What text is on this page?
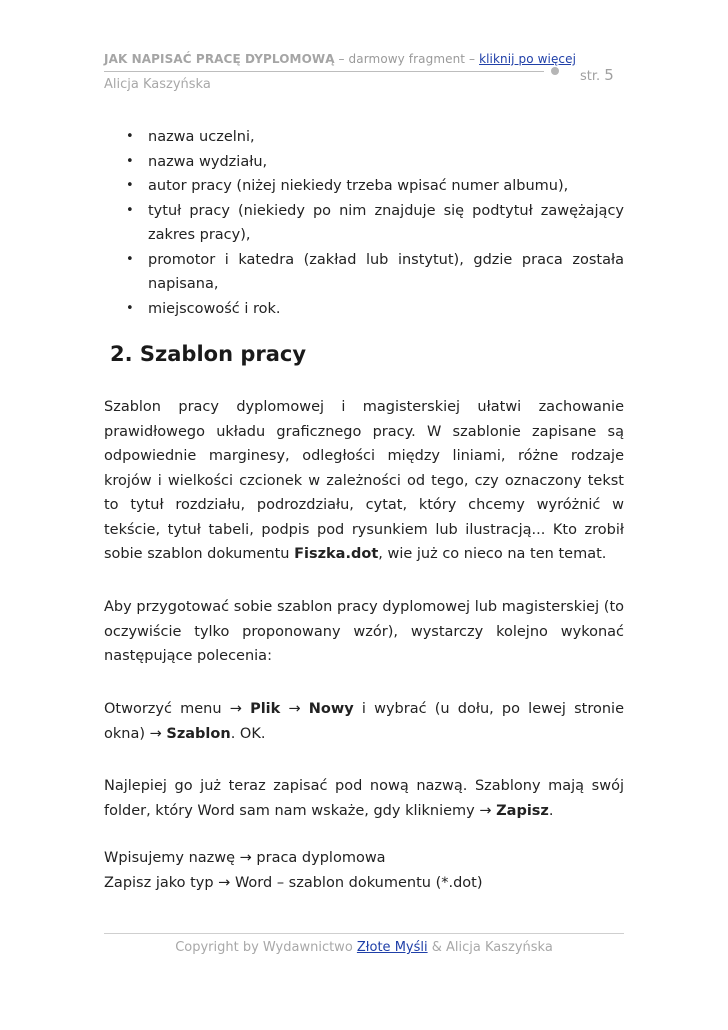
JAK NAPISAĆ PRACĘ DYPLOMOWĄ – darmowy fragment – kliknij po więcej
str. 5
Alicja Kaszyńska
• nazwa uczelni,
• nazwa wydziału,
• autor pracy (niżej niekiedy trzeba wpisać numer albumu),
• tytuł pracy (niekiedy po nim znajduje się podtytuł zawężający zakres pracy),
• promotor i katedra (zakład lub instytut), gdzie praca została napisana,
• miejscowość i rok.
2. Szablon pracy

Szablon pracy dyplomowej i magisterskiej ułatwi zachowanie prawidłowego układu graficznego pracy. W szablonie zapisane są odpowiednie marginesy, odległości między liniami, różne rodzaje krojów i wielkości czcionek w zależności od tego, czy oznaczony tekst to tytuł rozdziału, podrozdziału, cytat, który chcemy wyróżnić w tekście, tytuł tabeli, podpis pod rysunkiem lub ilustracją... Kto zrobił sobie szablon dokumentu Fiszka.dot, wie już co nieco na ten temat.

Aby przygotować sobie szablon pracy dyplomowej lub magisterskiej (to oczywiście tylko proponowany wzór), wystarczy kolejno wykonać następujące polecenia:

Otworzyć menu → Plik → Nowy i wybrać (u dołu, po lewej stronie okna) → Szablon. OK.

Najlepiej go już teraz zapisać pod nową nazwą. Szablony mają swój folder, który Word sam nam wskaże, gdy klikniemy → Zapisz.

Wpisujemy nazwę → praca dyplomowa
Zapisz jako typ → Word – szablon dokumentu (*.dot)

Copyright by Wydawnictwo Złote Myśli & Alicja Kaszyńska
